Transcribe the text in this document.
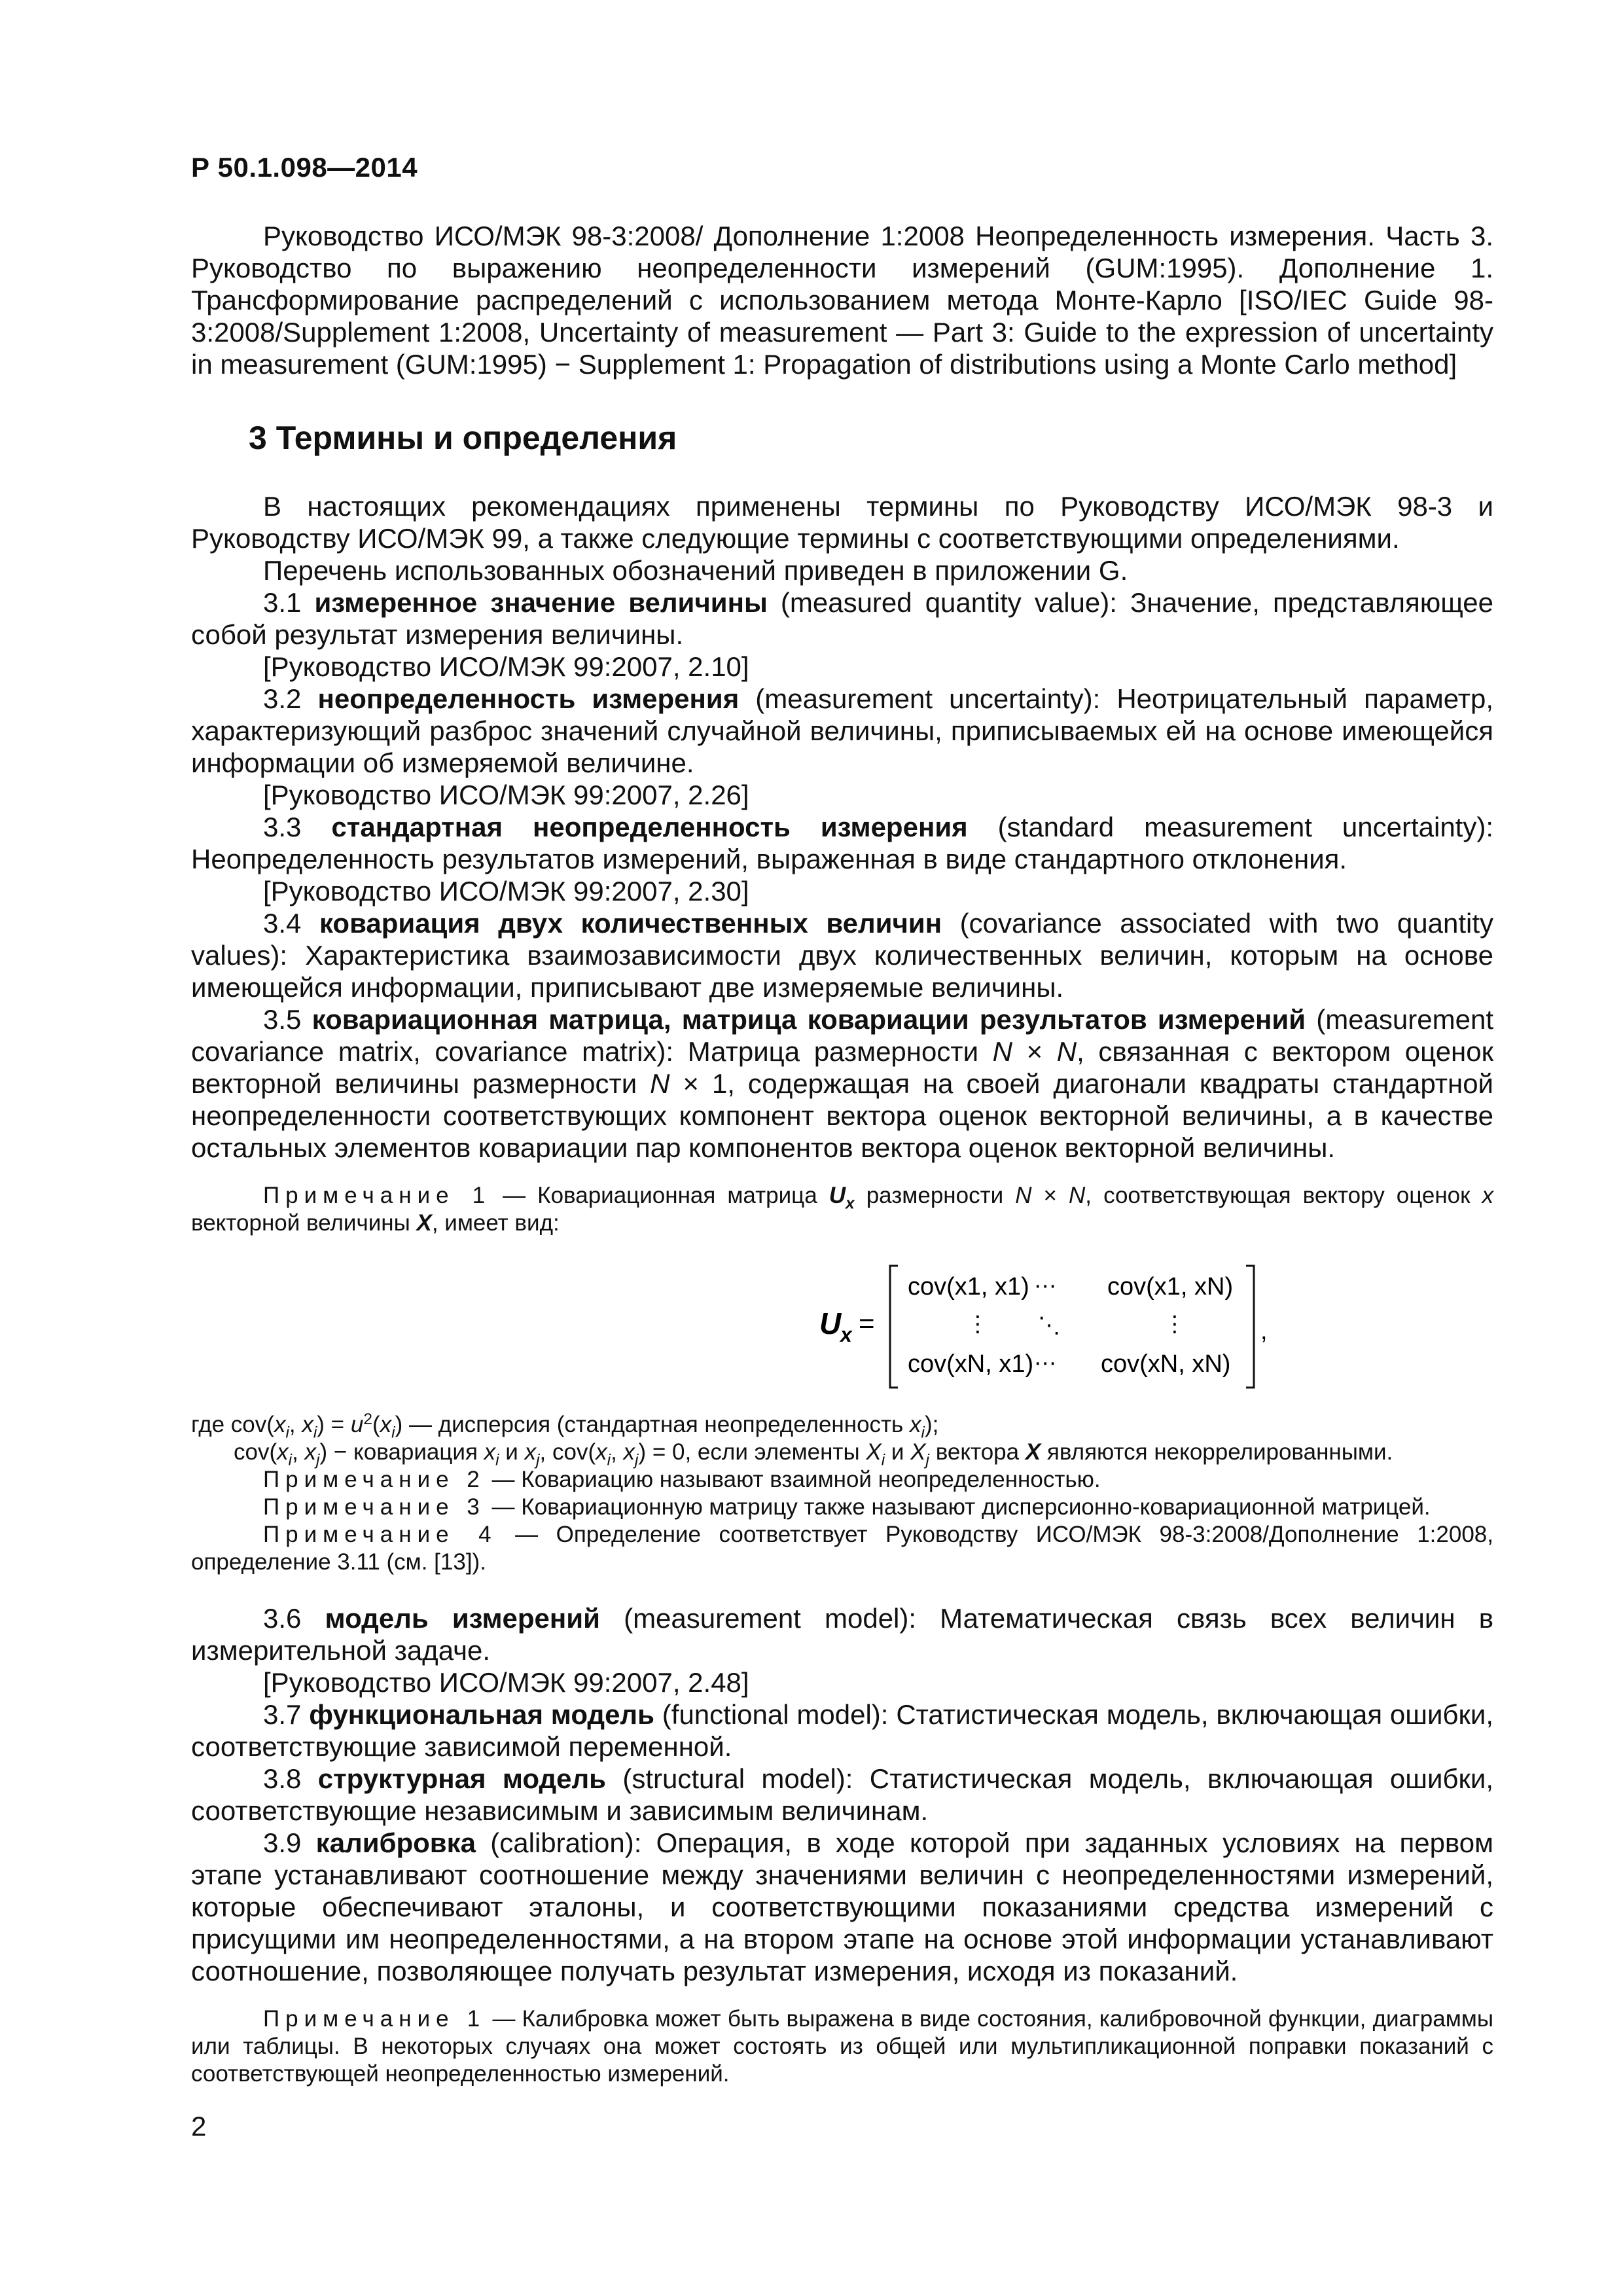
Р 50.1.098—2014

Руководство ИСО/МЭК 98-3:2008/ Дополнение 1:2008 Неопределенность измерения. Часть 3. Руководство по выражению неопределенности измерений (GUM:1995). Дополнение 1. Трансформирование распределений с использованием метода Монте-Карло [ISO/IEC Guide 98-3:2008/Supplement 1:2008, Uncertainty of measurement — Part 3: Guide to the expression of uncertainty in measurement (GUM:1995) − Supplement 1: Propagation of distributions using a Monte Carlo method]

3 Термины и определения

В настоящих рекомендациях применены термины по Руководству ИСО/МЭК 98-3 и Руководству ИСО/МЭК 99, а также следующие термины с соответствующими определениями.

Перечень использованных обозначений приведен в приложении G.

3.1 измеренное значение величины (measured quantity value): Значение, представляющее собой результат измерения величины.

[Руководство ИСО/МЭК 99:2007, 2.10]

3.2 неопределенность измерения (measurement uncertainty): Неотрицательный параметр, характеризующий разброс значений случайной величины, приписываемых ей на основе имеющейся информации об измеряемой величине.

[Руководство ИСО/МЭК 99:2007, 2.26]

3.3 стандартная неопределенность измерения (standard measurement uncertainty): Неопределенность результатов измерений, выраженная в виде стандартного отклонения.

[Руководство ИСО/МЭК 99:2007, 2.30]

3.4 ковариация двух количественных величин (covariance associated with two quantity values): Характеристика взаимозависимости двух количественных величин, которым на основе имеющейся информации, приписывают две измеряемые величины.

3.5 ковариационная матрица, матрица ковариации результатов измерений (measurement covariance matrix, covariance matrix): Матрица размерности N × N, связанная с вектором оценок векторной величины размерности N × 1, содержащая на своей диагонали квадраты стандартной неопределенности соответствующих компонент вектора оценок векторной величины, а в качестве остальных элементов ковариации пар компонентов вектора оценок векторной величины.

Примечание 1 — Ковариационная матрица $U_x$ размерности N × N, соответствующая вектору оценок x векторной величины X, имеет вид:

U
x =
cov(x1, x1) ⋯ cov(x1, xN)
⋮ ⋱	⋮
cov(xN, x1) ⋯ cov(xN, xN)
,

где $cov(x_i$, $x_i) = u^2(x_i)$ — дисперсия (стандартная неопределенность $x_i$);

$cov(x_i$, $x_j$) − ковариация $x_i$ и $x_j$, $cov(x_i$, $x_j) = 0$, если элементы $X_i$ и $X_j$ вектора X являются некоррелированными.

Примечание 2 — Ковариацию называют взаимной неопределенностью.

Примечание 3 — Ковариационную матрицу также называют дисперсионно-ковариационной матрицей.

Примечание 4 — Определение соответствует Руководству ИСО/МЭК 98-3:2008/Дополнение 1:2008, определение 3.11 (см. [13]).

3.6 модель измерений (measurement model): Математическая связь всех величин в измерительной задаче.

[Руководство ИСО/МЭК 99:2007, 2.48]

3.7 функциональная модель (functional model): Статистическая модель, включающая ошибки, соответствующие зависимой переменной.

3.8 структурная модель (structural model): Статистическая модель, включающая ошибки, соответствующие независимым и зависимым величинам.

3.9 калибровка (calibration): Операция, в ходе которой при заданных условиях на первом этапе устанавливают соотношение между значениями величин с неопределенностями измерений, которые обеспечивают эталоны, и соответствующими показаниями средства измерений с присущими им неопределенностями, а на втором этапе на основе этой информации устанавливают соотношение, позволяющее получать результат измерения, исходя из показаний.

Примечание 1 — Калибровка может быть выражена в виде состояния, калибровочной функции, диаграммы или таблицы. В некоторых случаях она может состоять из общей или мультипликационной поправки показаний с соответствующей неопределенностью измерений.

2
